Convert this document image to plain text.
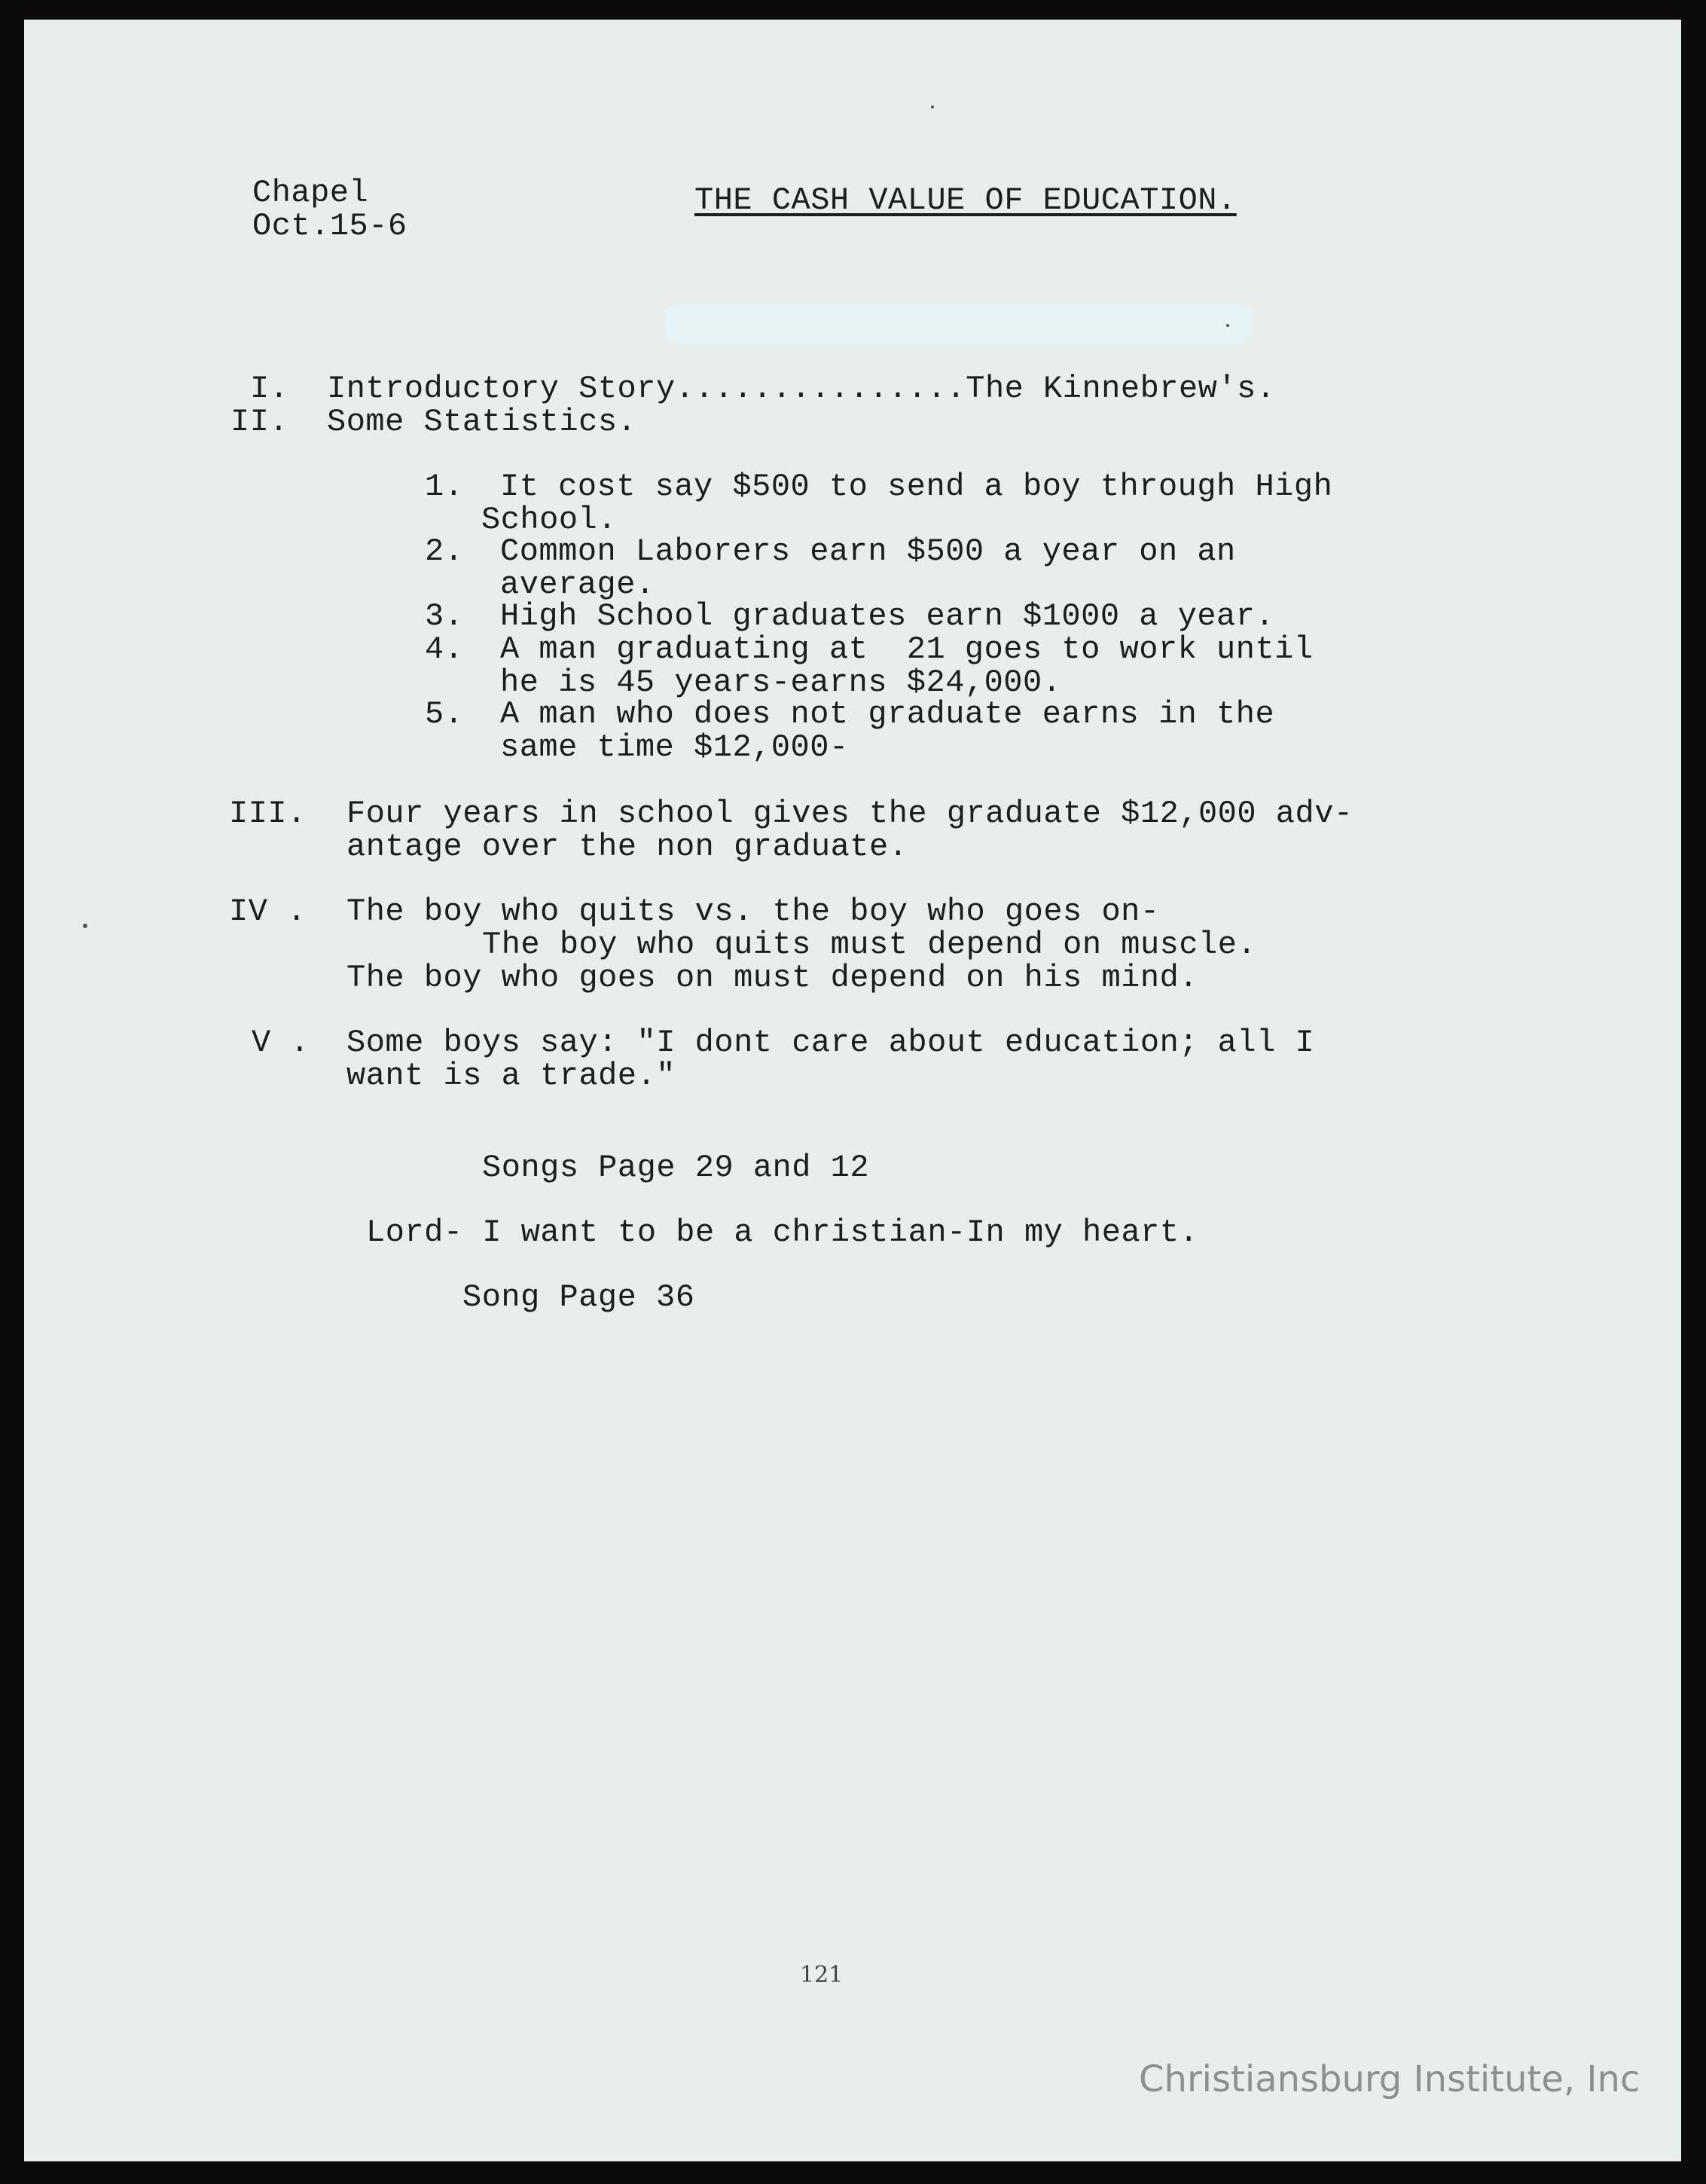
Chapel
Oct.15-6
THE CASH VALUE OF EDUCATION.
I. Introductory Story...............The Kinnebrew's.
II. Some Statistics.
1. It cost say $500 to send a boy through High
School.
2. Common Laborers earn $500 a year on an
average.
3. High School graduates earn $1000 a year.
4. A man graduating at  21 goes to work until
he is 45 years-earns $24,000.
5. A man who does not graduate earns in the
same time $12,000-
III. Four years in school gives the graduate $12,000 adv-
antage over the non graduate.
IV . The boy who quits vs. the boy who goes on-
The boy who quits must depend on muscle.
The boy who goes on must depend on his mind.
V . Some boys say: "I dont care about education; all I
want is a trade."
Songs Page 29 and 12
Lord- I want to be a christian-In my heart.
Song Page 36
121
Christiansburg Institute, Inc
